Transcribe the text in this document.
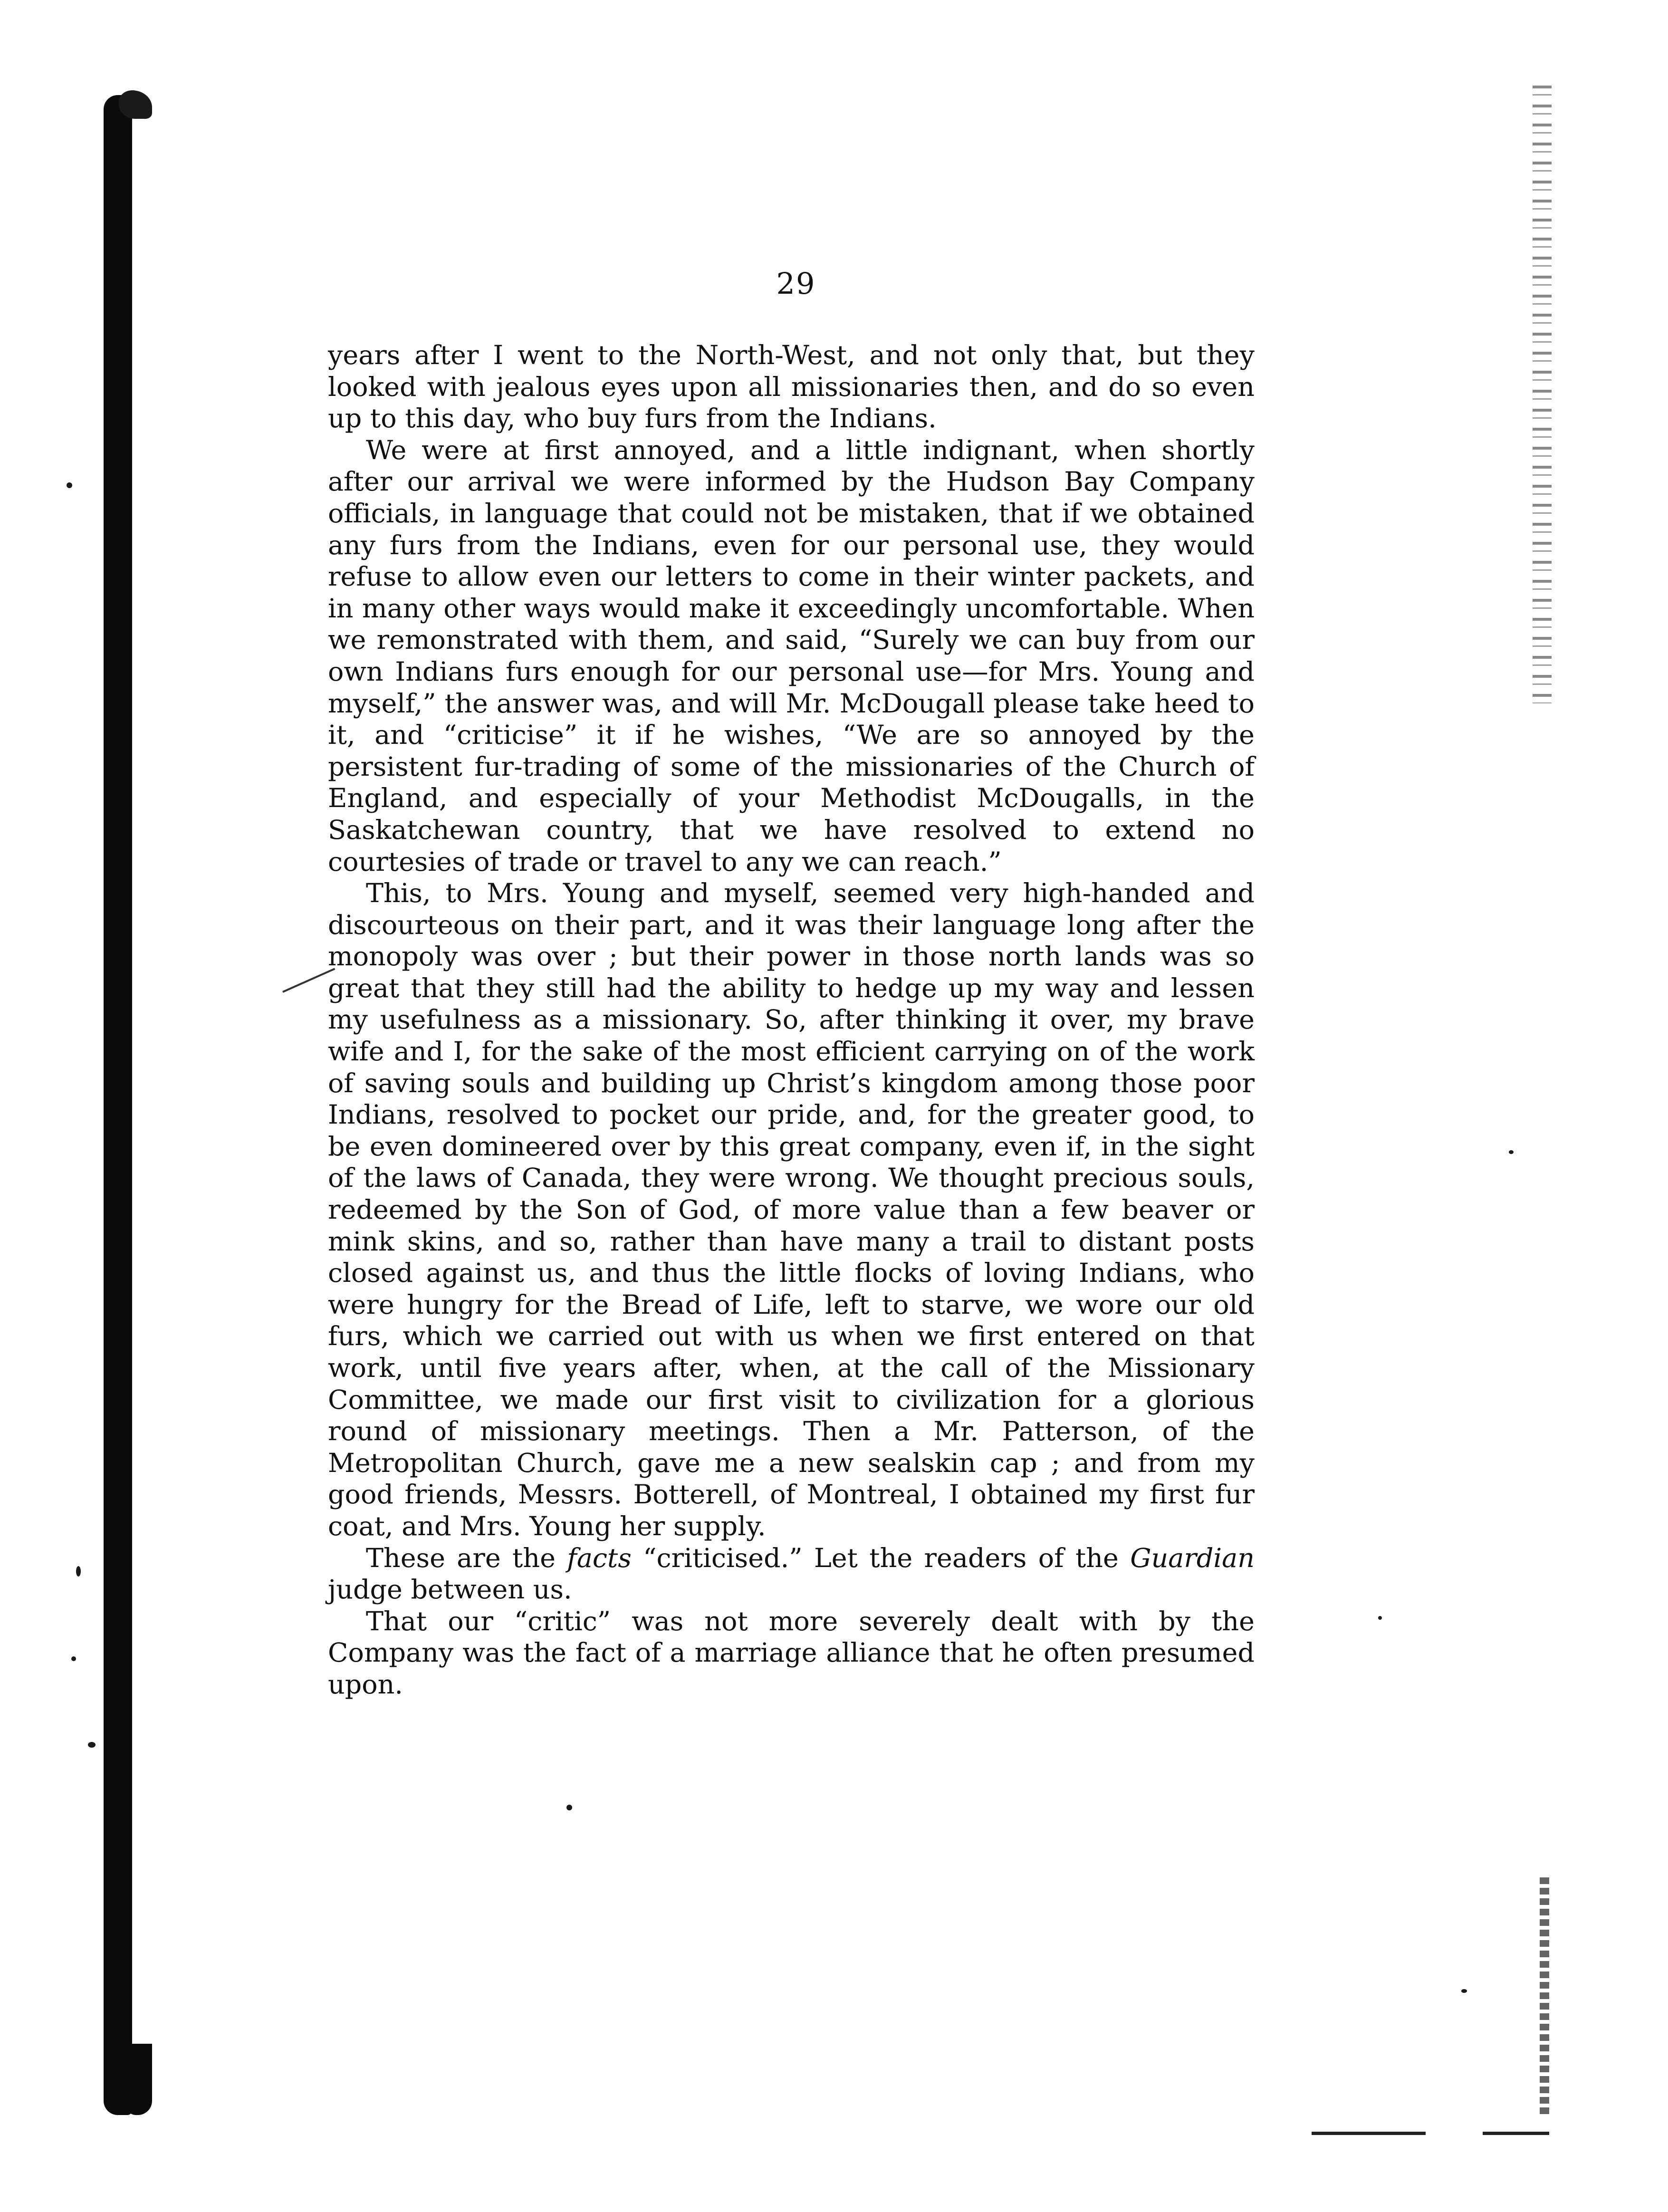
29

years after I went to the North-West, and not only that, but they looked with jealous eyes upon all missionaries then, and do so even up to this day, who buy furs from the Indians.

We were at first annoyed, and a little indignant, when shortly after our arrival we were informed by the Hudson Bay Company officials, in language that could not be mistaken, that if we obtained any furs from the Indians, even for our personal use, they would refuse to allow even our letters to come in their winter packets, and in many other ways would make it exceedingly uncomfortable. When we remonstrated with them, and said, “Surely we can buy from our own Indians furs enough for our personal use—for Mrs. Young and myself,” the answer was, and will Mr. McDougall please take heed to it, and “criticise” it if he wishes, “We are so annoyed by the persistent fur-trading of some of the missionaries of the Church of England, and especially of your Methodist McDougalls, in the Saskatchewan country, that we have resolved to extend no courtesies of trade or travel to any we can reach.”

This, to Mrs. Young and myself, seemed very high-handed and discourteous on their part, and it was their language long after the monopoly was over ; but their power in those north lands was so great that they still had the ability to hedge up my way and lessen my usefulness as a missionary. So, after thinking it over, my brave wife and I, for the sake of the most efficient carrying on of the work of saving souls and building up Christ’s kingdom among those poor Indians, resolved to pocket our pride, and, for the greater good, to be even domineered over by this great company, even if, in the sight of the laws of Canada, they were wrong. We thought precious souls, redeemed by the Son of God, of more value than a few beaver or mink skins, and so, rather than have many a trail to distant posts closed against us, and thus the little flocks of loving Indians, who were hungry for the Bread of Life, left to starve, we wore our old furs, which we carried out with us when we first entered on that work, until five years after, when, at the call of the Missionary Committee, we made our first visit to civilization for a glorious round of missionary meetings. Then a Mr. Patterson, of the Metropolitan Church, gave me a new sealskin cap ; and from my good friends, Messrs. Botterell, of Montreal, I obtained my first fur coat, and Mrs. Young her supply.

These are the facts “criticised.” Let the readers of the Guardian judge between us.

That our “critic” was not more severely dealt with by the Company was the fact of a marriage alliance that he often presumed upon.
